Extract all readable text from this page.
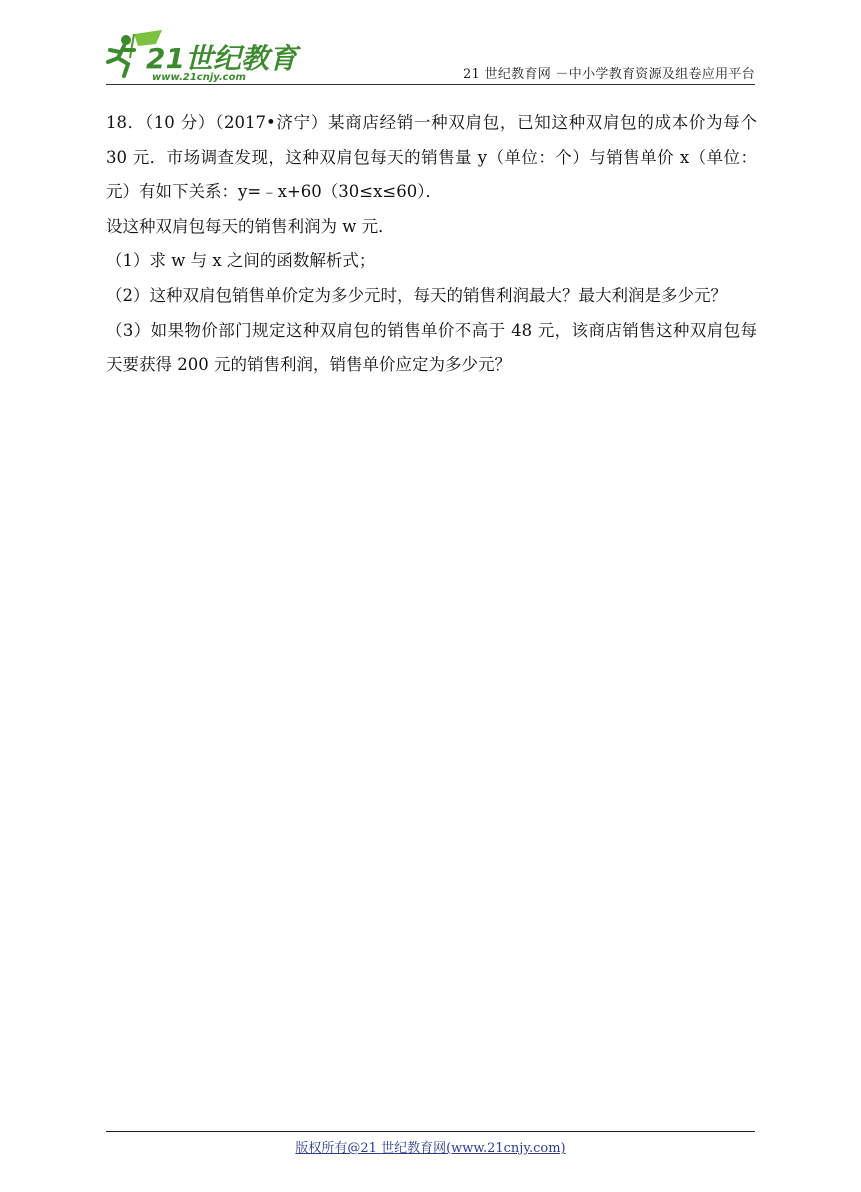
21世纪教育
www.21cnjy.com	21 世纪教育网 －中小学教育资源及组卷应用平台

18．（10 分）（2017•济宁）某商店经销一种双肩包，已知这种双肩包的成本价为每个 30 元．市场调查发现，这种双肩包每天的销售量 y（单位：个）与销售单价 x（单位：元）有如下关系：y=﹣x+60（30≤x≤60）．

设这种双肩包每天的销售利润为 w 元．

（1）求 w 与 x 之间的函数解析式；

（2）这种双肩包销售单价定为多少元时，每天的销售利润最大？最大利润是多少元？

（3）如果物价部门规定这种双肩包的销售单价不高于 48 元，该商店销售这种双肩包每天要获得 200 元的销售利润，销售单价应定为多少元？

版权所有@21 世纪教育网(www.21cnjy.com)
